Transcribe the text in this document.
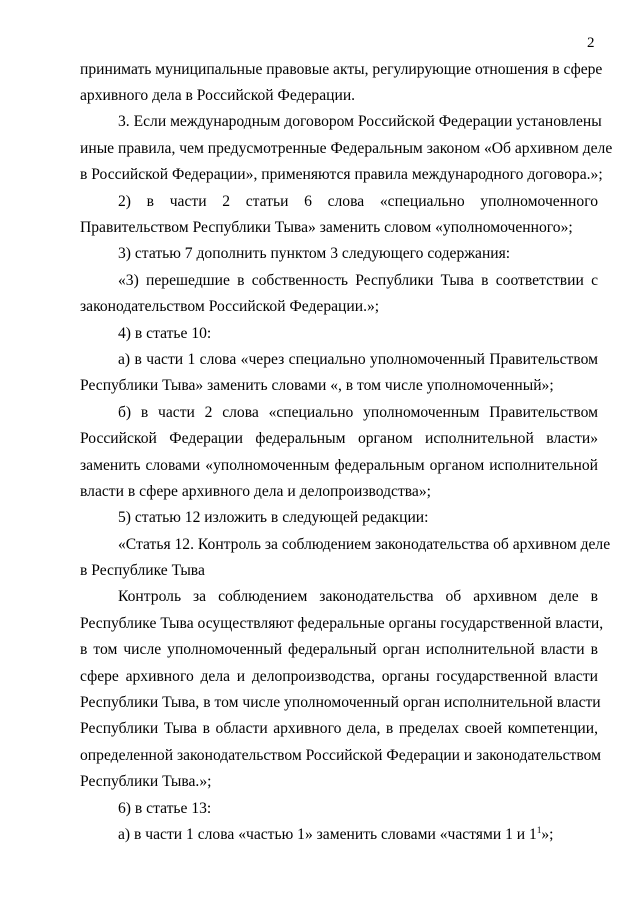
2
принимать муниципальные правовые акты, регулирующие отношения в сфере
архивного дела в Российской Федерации.
3. Если международным договором Российской Федерации установлены
иные правила, чем предусмотренные Федеральным законом «Об архивном деле
в Российской Федерации», применяются правила международного договора.»;
2) в части 2 статьи 6 слова «специально уполномоченного
Правительством Республики Тыва» заменить словом «уполномоченного»;
3) статью 7 дополнить пунктом 3 следующего содержания:
«3) перешедшие в собственность Республики Тыва в соответствии с
законодательством Российской Федерации.»;
4) в статье 10:
а) в части 1 слова «через специально уполномоченный Правительством
Республики Тыва» заменить словами «, в том числе уполномоченный»;
б) в части 2 слова «специально уполномоченным Правительством
Российской Федерации федеральным органом исполнительной власти»
заменить словами «уполномоченным федеральным органом исполнительной
власти в сфере архивного дела и делопроизводства»;
5) статью 12 изложить в следующей редакции:
«Статья 12. Контроль за соблюдением законодательства об архивном деле
в Республике Тыва
Контроль за соблюдением законодательства об архивном деле в
Республике Тыва осуществляют федеральные органы государственной власти,
в том числе уполномоченный федеральный орган исполнительной власти в
сфере архивного дела и делопроизводства, органы государственной власти
Республики Тыва, в том числе уполномоченный орган исполнительной власти
Республики Тыва в области архивного дела, в пределах своей компетенции,
определенной законодательством Российской Федерации и законодательством
Республики Тыва.»;
6) в статье 13:
а) в части 1 слова «частью 1» заменить словами «частями 1 и $1^1$»;
